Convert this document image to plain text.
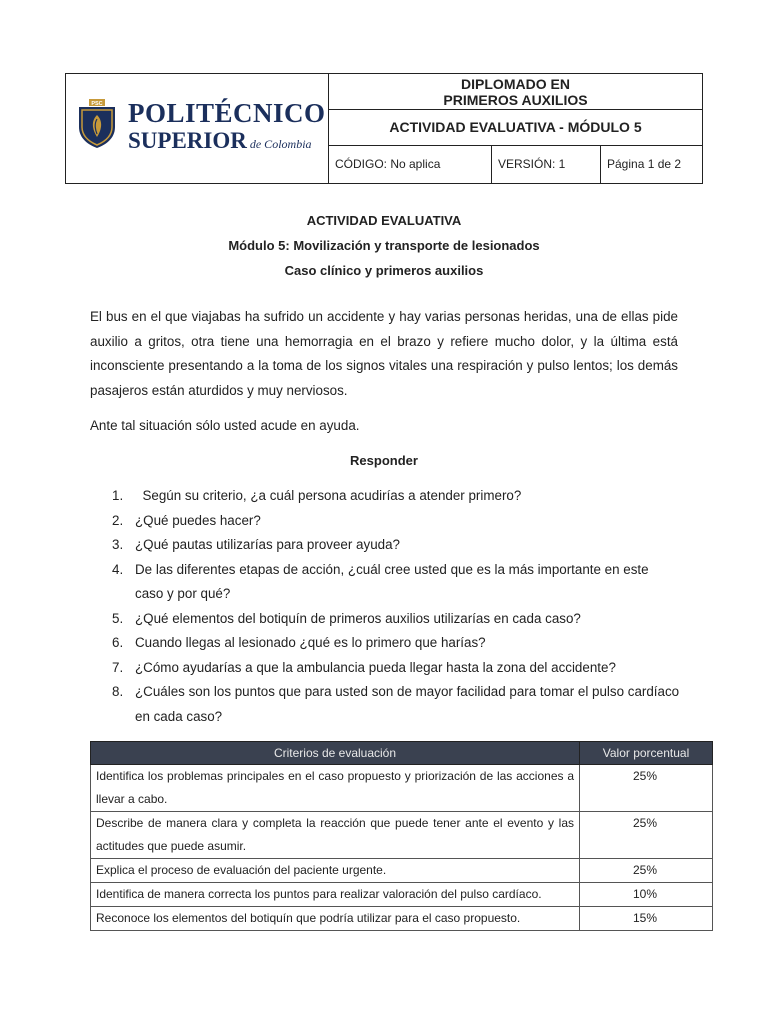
PSC POLITÉCNICO
SUPERIOR de Colombia
DIPLOMADO EN
PRIMEROS AUXILIOS
ACTIVIDAD EVALUATIVA - MÓDULO 5
CÓDIGO: No aplica	VERSIÓN: 1	Página 1 de 2
ACTIVIDAD EVALUATIVA
Módulo 5: Movilización y transporte de lesionados
Caso clínico y primeros auxilios

El bus en el que viajabas ha sufrido un accidente y hay varias personas heridas, una de ellas pide auxilio a gritos, otra tiene una hemorragia en el brazo y refiere mucho dolor, y la última está inconsciente presentando a la toma de los signos vitales una respiración y pulso lentos; los demás pasajeros están aturdidos y muy nerviosos.

Ante tal situación sólo usted acude en ayuda.

Responder
1. Según su criterio, ¿a cuál persona acudirías a atender primero?
2. ¿Qué puedes hacer?
3. ¿Qué pautas utilizarías para proveer ayuda?
4. De las diferentes etapas de acción, ¿cuál cree usted que es la más importante en este caso y por qué?
5. ¿Qué elementos del botiquín de primeros auxilios utilizarías en cada caso?
6. Cuando llegas al lesionado ¿qué es lo primero que harías?
7. ¿Cómo ayudarías a que la ambulancia pueda llegar hasta la zona del accidente?
8. ¿Cuáles son los puntos que para usted son de mayor facilidad para tomar el pulso cardíaco en cada caso?
Criterios de evaluación	Valor porcentual
Identifica los problemas principales en el caso propuesto y priorización de las acciones a llevar a cabo.	25%
Describe de manera clara y completa la reacción que puede tener ante el evento y las actitudes que puede asumir.	25%
Explica el proceso de evaluación del paciente urgente.	25%
Identifica de manera correcta los puntos para realizar valoración del pulso cardíaco.	10%
Reconoce los elementos del botiquín que podría utilizar para el caso propuesto.	15%
